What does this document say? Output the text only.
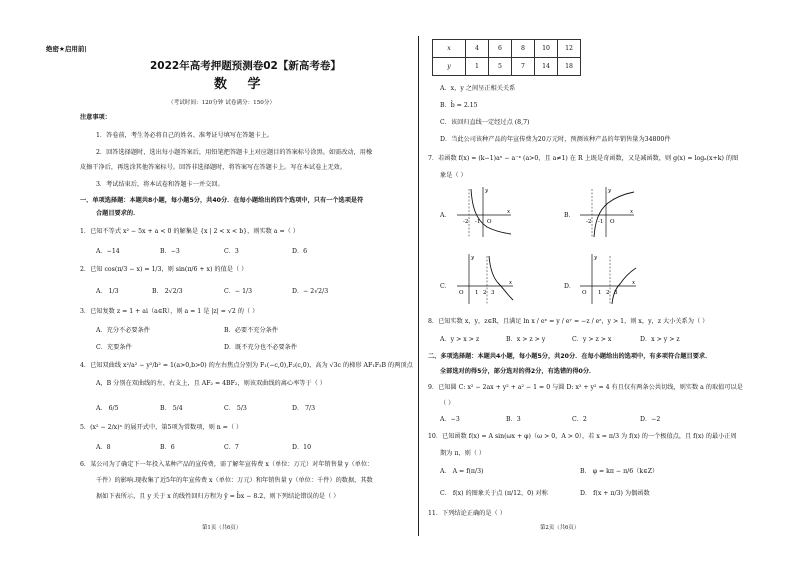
绝密★启用前|
2022年高考押题预测卷02【新高考卷】
数 学
（考试时间：120分钟 试卷满分：150分）
注意事项：
1．答卷前，考生务必将自己的姓名、准考证号填写在答题卡上。
2．回答选择题时，选出每小题答案后，用铅笔把答题卡上对应题目的答案标号涂黑。如需改动，用橡
皮擦干净后，再选涂其他答案标号。回答非选择题时，将答案写在答题卡上。写在本试卷上无效。
3．考试结束后，将本试卷和答题卡一并交回。
一、单项选择题：本题共8小题，每小题5分，共40分．在每小题给出的四个选项中，只有一个选项是符
合题目要求的．
1．已知不等式 x² − 5x + a < 0 的解集是 {x | 2 < x < b}，则实数 a =（ ）
A．−14	B．−3	C．3	D．6
2．已知 cos(π/3 − x) = 1/3，则 sin(π/6 + x) 的值是（ ）
A． 1/3	B． 2√2/3	C．− 1/3	D．− 2√2/3
3．已知复数 z = 1 + ai（a∈R），则 a = 1 是 |z| = √2 的（ ）
A．充分不必要条件	B．必要不充分条件
C．充要条件	D．既不充分也不必要条件
4．已知双曲线 x²/a² − y²/b² = 1(a>0,b>0) 的左右焦点分别为 F₁(−c,0),F₂(c,0)，高为 √3c 的梯形 AF₁F₂B 的两顶点
A，B 分别在双曲线的左、右支上，且 AF₂ = 4BF₂，则该双曲线的离心率等于（ ）
A． 6/5	B． 5/4	C． 5/3	D． 7/3
5．(x² − 2/x)ⁿ 的展开式中，第5项为常数项，则 n =（ ）
A．8	B．6	C．7	D．10
6．某公司为了确定下一年投入某种产品的宣传费，需了解年宣传费 x（单位：万元）对年销售量 y（单位：
千件）的影响.现收集了近5年的年宣传费 x（单位：万元）和年销售量 y（单位：千件）的数据，其数
据如下表所示，且 y 关于 x 的线性回归方程为 ŷ = b̂x − 8.2，则下列结论错误的是（ ）
第1页（共6页）
x	4	6	8	10	12
y	1	5	7	14	18
A．x，y 之间呈正相关关系
B．b̂ = 2.15
C．该回归直线一定经过点 (8,7)
D．当此公司该种产品的年宣传费为20万元时，预测该种产品的年销售量为34800件
7．若函数 f(x) = (k−1)aˣ − a⁻ˣ (a>0，且 a≠1) 在 R 上既是奇函数，又是减函数，则 g(x) = logₐ(x+k) 的图
象是（ ）
A．	B．
C．	D．
-2 -1 O
x
y
-2 -1 O
x
y
O 1 2 3
x
y
O 1 2 3
x
y
8．已知实数 x，y，z∈R，且满足 ln x / eˣ = y / eʸ = −z / eᶻ，y > 1，则 x，y，z 大小关系为（ ）
A．y > x > z	B．x > z > y	C．y > z > x	D．x > y > z
二、多项选择题：本题共4小题，每小题5分，共20分．在每小题给出的选项中，有多项符合题目要求．
全部选对的得5分，部分选对的得2分，有选错的得0分．
9．已知圆 C: x² − 2ax + y² + a² − 1 = 0 与圆 D: x² + y² = 4 有且仅有两条公共切线，则实数 a 的取值可以是
（ ）
A．−3	B．3	C．2	D．−2
10．已知函数 f(x) = A sin(ωx + φ)（ω > 0，A > 0），若 x = π/3 为 f(x) 的一个极值点，且 f(x) 的最小正周
期为 π，则（ ）
A． A = f(π/3)	B． φ = kπ − π/6（k∈Z）
C． f(x) 的图象关于点 (π/12，0) 对称	D． f(x + π/3) 为偶函数
11．下列结论正确的是（ ）
第2页（共6页）
